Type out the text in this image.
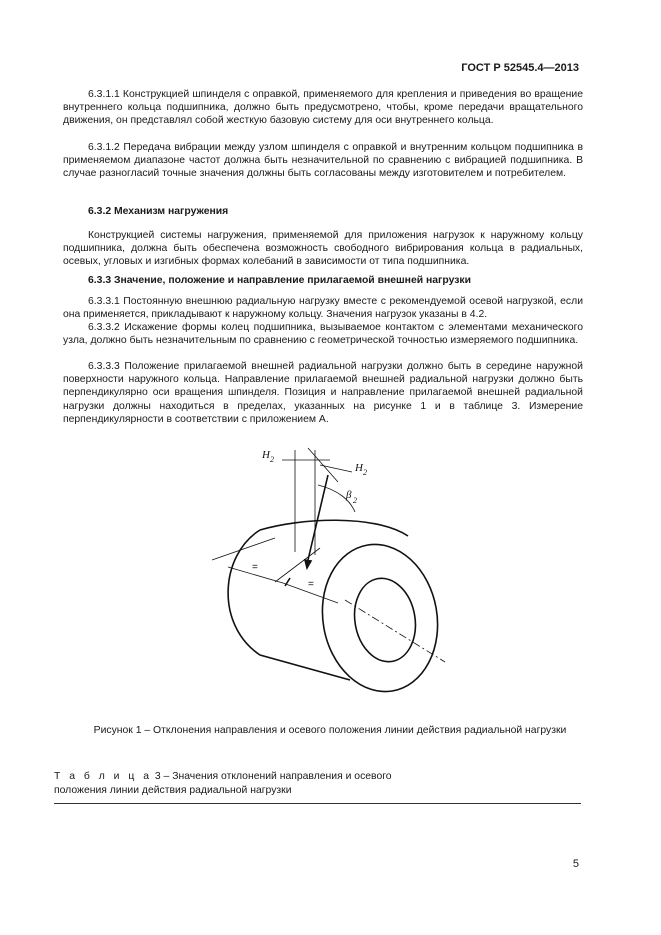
ГОСТ Р 52545.4—2013
6.3.1.1 Конструкцией шпинделя с оправкой, применяемого для крепления и приведения во вращение внутреннего кольца подшипника, должно быть предусмотрено, чтобы, кроме передачи вращательного движения, он представлял собой жесткую базовую систему для оси внутреннего кольца.
6.3.1.2 Передача вибрации между узлом шпинделя с оправкой и внутренним кольцом подшипника в применяемом диапазоне частот должна быть незначительной по сравнению с вибрацией подшипника. В случае разногласий точные значения должны быть согласованы между изготовителем и потребителем.
6.3.2 Механизм нагружения
Конструкцией системы нагружения, применяемой для приложения нагрузок к наружному кольцу подшипника, должна быть обеспечена возможность свободного вибрирования кольца в радиальных, осевых, угловых и изгибных формах колебаний в зависимости от типа подшипника.
6.3.3 Значение, положение и направление прилагаемой внешней нагрузки
6.3.3.1 Постоянную внешнюю радиальную нагрузку вместе с рекомендуемой осевой нагрузкой, если она применяется, прикладывают к наружному кольцу. Значения нагрузок указаны в 4.2.
6.3.3.2 Искажение формы колец подшипника, вызываемое контактом с элементами механического узла, должно быть незначительным по сравнению с геометрической точностью измеряемого подшипника.
6.3.3.3 Положение прилагаемой внешней радиальной нагрузки должно быть в середине наружной поверхности наружного кольца. Направление прилагаемой внешней радиальной нагрузки должно быть перпендикулярно оси вращения шпинделя. Позиция и направление прилагаемой внешней радиальной нагрузки должны находиться в пределах, указанных на рисунке 1 и в таблице 3. Измерение перпендикулярности в соответствии с приложением А.
H 2
H 2
β 2
=
=
Рисунок 1 – Отклонения направления и осевого положения линии действия радиальной нагрузки
Т а б л и ц а 3 – Значения отклонений направления и осевого положения линии действия радиальной нагрузки
5
